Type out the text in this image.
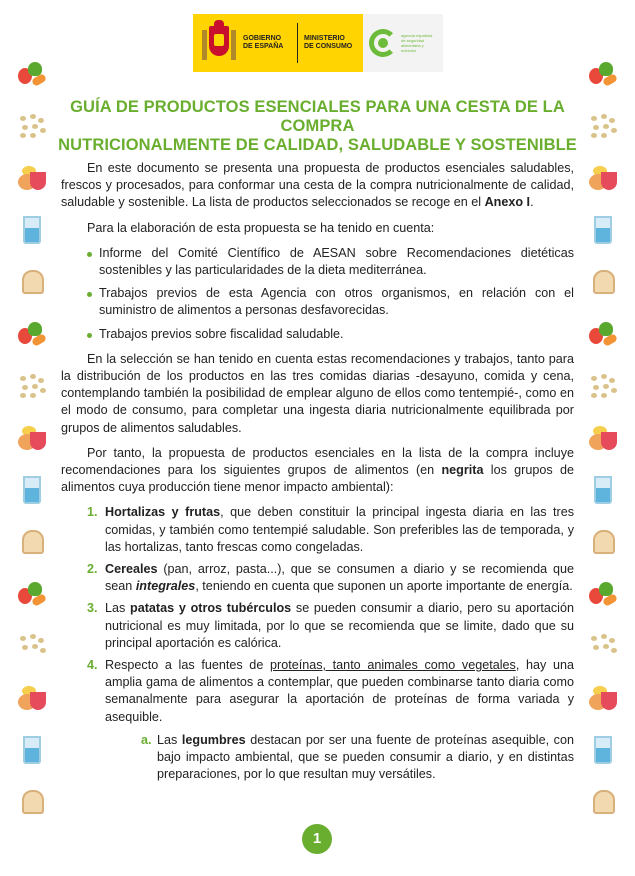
GOBIERNO
DE ESPAÑA
MINISTERIO
DE CONSUMO
agencia española de seguridad alimentaria y nutrición
GUÍA DE PRODUCTOS ESENCIALES PARA UNA CESTA DE LA COMPRA
NUTRICIONALMENTE DE CALIDAD, SALUDABLE Y SOSTENIBLE

En este documento se presenta una propuesta de productos esenciales saludables, frescos y procesados, para conformar una cesta de la compra nutricionalmente de calidad, saludable y sostenible. La lista de productos seleccionados se recoge en el Anexo I.

Para la elaboración de esta propuesta se ha tenido en cuenta:

Informe del Comité Científico de AESAN sobre Recomendaciones dietéticas sostenibles y las particularidades de la dieta mediterránea.
Trabajos previos de esta Agencia con otros organismos, en relación con el suministro de alimentos a personas desfavorecidas.
Trabajos previos sobre fiscalidad saludable.

En la selección se han tenido en cuenta estas recomendaciones y trabajos, tanto para la distribución de los productos en las tres comidas diarias -desayuno, comida y cena, contemplando también la posibilidad de emplear alguno de ellos como tentempié-, como en el modo de consumo, para completar una ingesta diaria nutricionalmente equilibrada por grupos de alimentos saludables.

Por tanto, la propuesta de productos esenciales en la lista de la compra incluye recomendaciones para los siguientes grupos de alimentos (en negrita los grupos de alimentos cuya producción tiene menor impacto ambiental):

1. Hortalizas y frutas, que deben constituir la principal ingesta diaria en las tres comidas, y también como tentempié saludable. Son preferibles las de temporada, y las hortalizas, tanto frescas como congeladas.
2. Cereales (pan, arroz, pasta...), que se consumen a diario y se recomienda que sean integrales, teniendo en cuenta que suponen un aporte importante de energía.
3. Las patatas y otros tubérculos se pueden consumir a diario, pero su aportación nutricional es muy limitada, por lo que se recomienda que se limite, dado que su principal aportación es calórica.
4. Respecto a las fuentes de proteínas, tanto animales como vegetales, hay una amplia gama de alimentos a contemplar, que pueden combinarse tanto diaria como semanalmente para asegurar la aportación de proteínas de forma variada y asequible.
a. Las legumbres destacan por ser una fuente de proteínas asequible, con bajo impacto ambiental, que se pueden consumir a diario, y en distintas preparaciones, por lo que resultan muy versátiles.
1
